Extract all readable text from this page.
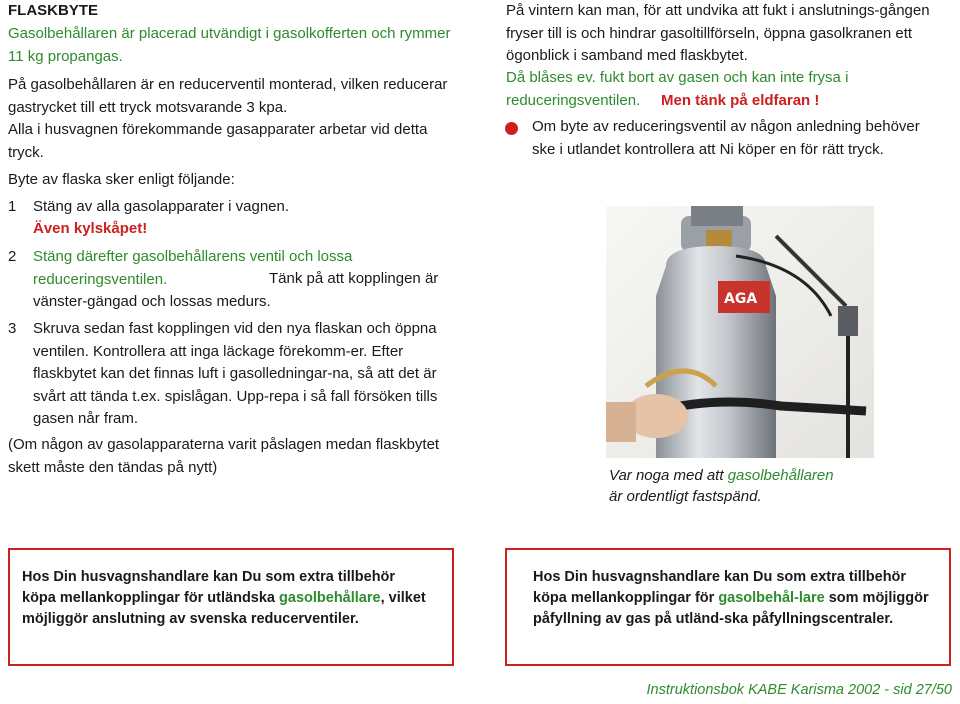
FLASKBYTE

Gasolbehållaren är placerad utvändigt i gasolkofferten och rymmer 11 kg propangas.

På gasolbehållaren är en reducerventil monterad, vilken reducerar gastrycket till ett tryck motsvarande 3 kpa.

Alla i husvagnen förekommande gasapparater arbetar vid detta tryck.

Byte av flaska sker enligt följande:

1 Stäng av alla gasolapparater i vagnen.

Även kylskåpet!

2 Stäng därefter gasolbehållarens ventil och lossa reduceringsventilen.	Tänk på att kopplingen är vänster-gängad och lossas medurs.

3 Skruva sedan fast kopplingen vid den nya flaskan och öppna ventilen. Kontrollera att inga läckage förekomm-er. Efter flaskbytet kan det finnas luft i gasolledningar-na, så att det är svårt att tända t.ex. spislågan. Upp-repa i så fall försöken tills gasen når fram.

(Om någon av gasolapparaterna varit påslagen medan flaskbytet skett måste den tändas på nytt)

På vintern kan man, för att undvika att fukt i anslutnings-gången fryser till is och hindrar gasoltillförseln, öppna gasolkranen ett ögonblick i samband med flaskbytet.

Då blåses ev. fukt bort av gasen och kan inte frysa i reduceringsventilen.	Men tänk på eldfaran !

Om byte av reduceringsventil av någon anledning behöver ske i utlandet kontrollera att Ni köper en för rätt tryck.

AGA

Var noga med att gasolbehållaren
är ordentligt fastspänd.

Hos Din husvagnshandlare kan Du som extra tillbehör köpa mellankopplingar för utländska gasolbehållare, vilket möjliggör anslutning av svenska reducerventiler.

Hos Din husvagnshandlare kan Du som extra tillbehör köpa mellankopplingar för gasolbehål-lare som möjliggör påfyllning av gas på utländ-ska påfyllningscentraler.

Instruktionsbok KABE Karisma 2002 - sid 27/50
